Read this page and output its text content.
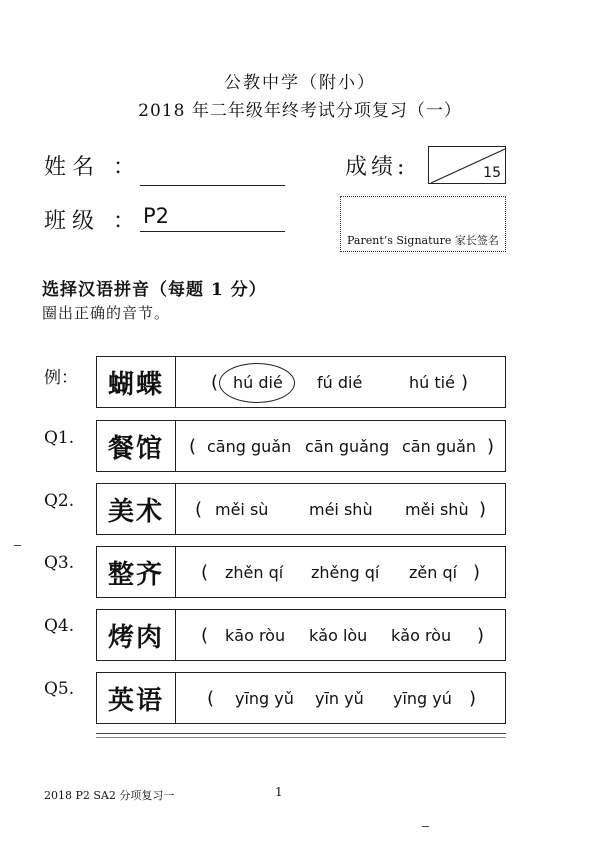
公教中学（附小）
2018 年二年级年终考试分项复习（一）
姓名 ：
班级 ： P2
成绩:	15
Parent’s Signature 家长签名
选择汉语拼音（每题 1 分）
圈出正确的音节。
例：	蝴蝶	( hú dié fú dié	hú tié )
Q1.	餐馆	( cāng guǎn cān guǎng cān guǎn )
Q2.	美术	( měi sù	méi shù měi shù )
Q3.	整齐	( zhěn qí zhěng qí zěn qí )
Q4.	烤肉	( kāo ròu kǎo lòu kǎo ròu )
Q5.	英语	( yīng yǔ yīn yǔ yīng yú )
2018 P2 SA2 分项复习一	1
